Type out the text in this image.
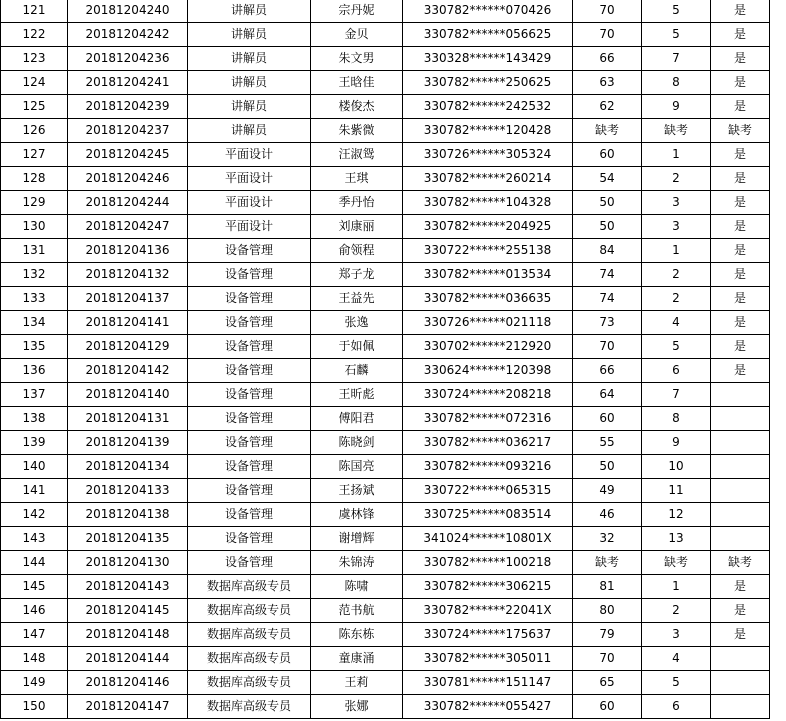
121	20181204240	讲解员	宗丹妮	330782******070426	70	5	是
122	20181204242	讲解员	金贝	330782******056625	70	5	是
123	20181204236	讲解员	朱文男	330328******143429	66	7	是
124	20181204241	讲解员	王晗佳	330782******250625	63	8	是
125	20181204239	讲解员	楼俊杰	330782******242532	62	9	是
126	20181204237	讲解员	朱紫微	330782******120428	缺考	缺考	缺考
127	20181204245	平面设计	汪淑鸳	330726******305324	60	1	是
128	20181204246	平面设计	王琪	330782******260214	54	2	是
129	20181204244	平面设计	季丹怡	330782******104328	50	3	是
130	20181204247	平面设计	刘康丽	330782******204925	50	3	是
131	20181204136	设备管理	俞领程	330722******255138	84	1	是
132	20181204132	设备管理	郑子龙	330782******013534	74	2	是
133	20181204137	设备管理	王益先	330782******036635	74	2	是
134	20181204141	设备管理	张逸	330726******021118	73	4	是
135	20181204129	设备管理	于如佩	330702******212920	70	5	是
136	20181204142	设备管理	石麟	330624******120398	66	6	是
137	20181204140	设备管理	王昕彪	330724******208218	64	7	
138	20181204131	设备管理	傅阳君	330782******072316	60	8	
139	20181204139	设备管理	陈晓剑	330782******036217	55	9	
140	20181204134	设备管理	陈国亮	330782******093216	50	10	
141	20181204133	设备管理	王扬斌	330722******065315	49	11	
142	20181204138	设备管理	虞林锋	330725******083514	46	12	
143	20181204135	设备管理	谢增辉	341024******10801X	32	13	
144	20181204130	设备管理	朱锦涛	330782******100218	缺考	缺考	缺考
145	20181204143	数据库高级专员	陈啸	330782******306215	81	1	是
146	20181204145	数据库高级专员	范书航	330782******22041X	80	2	是
147	20181204148	数据库高级专员	陈东栋	330724******175637	79	3	是
148	20181204144	数据库高级专员	童康涌	330782******305011	70	4	
149	20181204146	数据库高级专员	王莉	330781******151147	65	5	
150	20181204147	数据库高级专员	张娜	330782******055427	60	6	
